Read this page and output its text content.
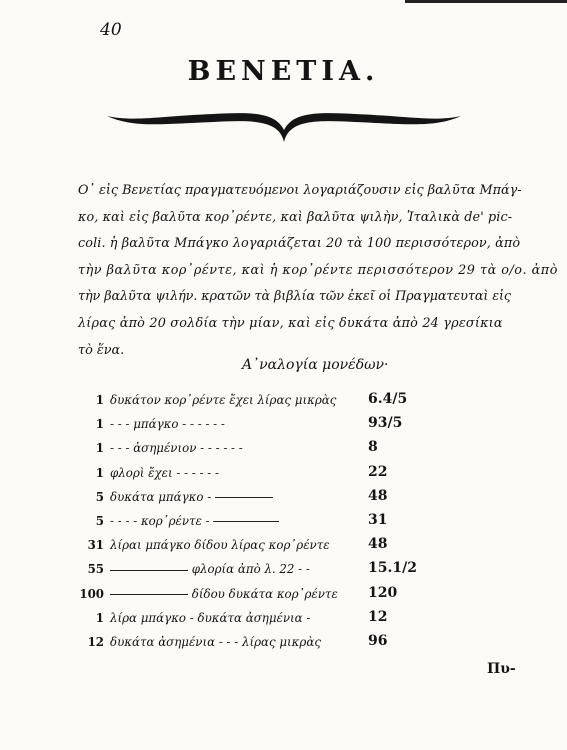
40
BENETIA.
Ο᾿ εἰς Βενετίας πραγματευόμενοι λογαριάζουσιν εἰς βαλῦτα Μπάγ-
κο, καὶ εἰς βαλῦτα κορ᾿ρέντε, καὶ βαλῦτα ψιλὴν, Ἰταλικὰ de' pic-
coli. ἡ βαλῦτα Μπάγκο λογαριάζεται 20 τὰ 100 περισσότερον, ἀπὸ
τὴν βαλῦτα κορ᾿ρέντε, καὶ ἡ κορ᾿ρέντε περισσότερον 29 τὰ ο/ο. ἀπὸ
τὴν βαλῦτα ψιλήν. κρατῶν τὰ βιβλία τῶν ἐκεῖ οἱ Πραγματευταὶ εἰς
λίρας ἀπὸ 20 σολδία τὴν μίαν, καὶ εἰς δυκάτα ἀπὸ 24 γρεσίκια
τὸ ἕνα.
Α᾿ναλογία μονέδων·
1 δυκάτον κορ᾿ρέντε ἔχει λίρας μικρὰς 6.4/5
1 - - - μπάγκο - - - - - -	93/5
1 - - - ἀσημένιον - - - - - -	8
1 φλορὶ ἔχει - - - - - -	22
5 δυκάτα μπάγκο -	48
5 - - - - κορ᾿ρέντε -	31
31 λίραι μπάγκο δίδου λίρας κορ᾿ρέντε	48
55	φλορία ἀπὸ λ. 22 - -	15.1/2
100	δίδου δυκάτα κορ᾿ρέντε 120
1 λίρα μπάγκο - δυκάτα ἀσημένια -	12
12 δυκάτα ἀσημένια - - - λίρας μικρὰς	96
Πυ-
